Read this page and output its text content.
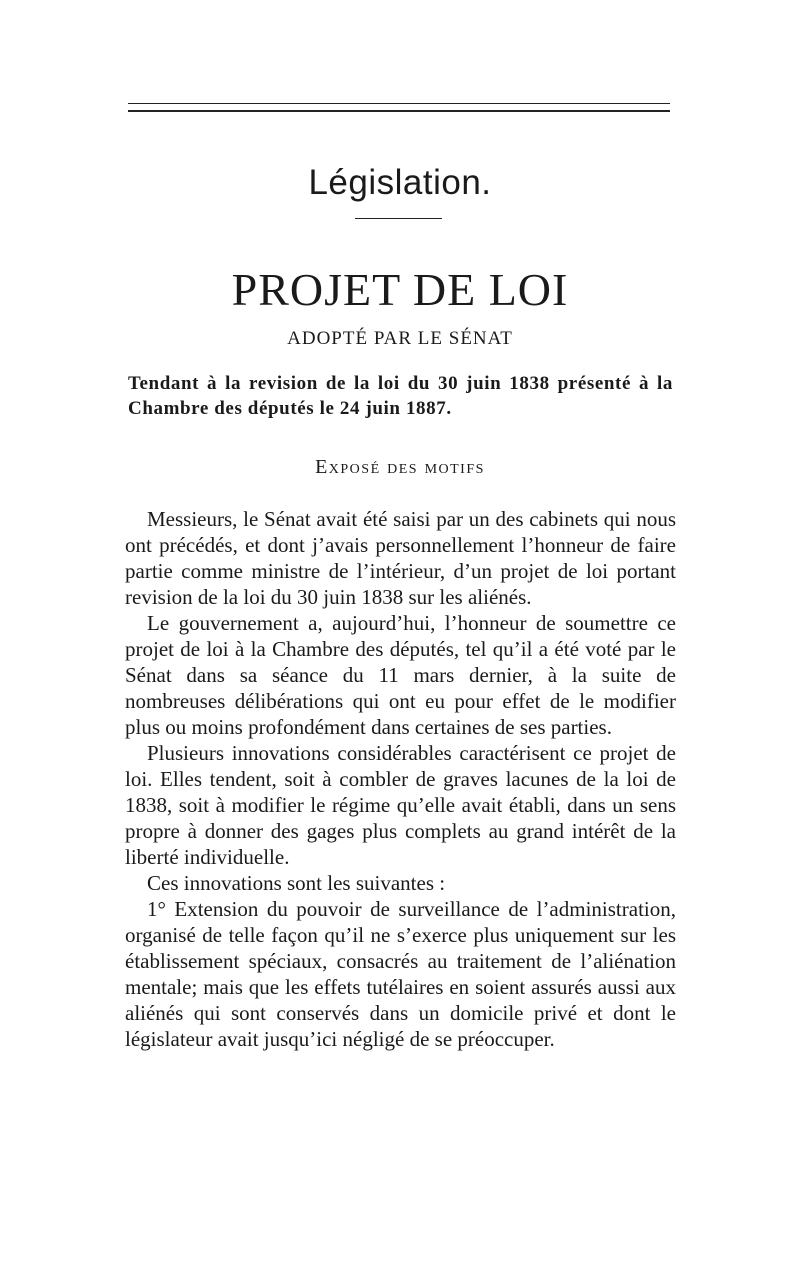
Législation.
PROJET DE LOI
ADOPTÉ PAR LE SÉNAT
Tendant à la revision de la loi du 30 juin 1838 présenté à la Chambre des députés le 24 juin 1887.
Exposé des motifs

Messieurs, le Sénat avait été saisi par un des cabinets qui nous ont précédés, et dont j’avais personnellement l’honneur de faire partie comme ministre de l’intérieur, d’un projet de loi portant revision de la loi du 30 juin 1838 sur les aliénés.

Le gouvernement a, aujourd’hui, l’honneur de soumettre ce projet de loi à la Chambre des députés, tel qu’il a été voté par le Sénat dans sa séance du 11 mars dernier, à la suite de nombreuses délibérations qui ont eu pour effet de le modifier plus ou moins profondément dans certaines de ses parties.

Plusieurs innovations considérables caractérisent ce projet de loi. Elles tendent, soit à combler de graves lacunes de la loi de 1838, soit à modifier le régime qu’elle avait établi, dans un sens propre à donner des gages plus complets au grand intérêt de la liberté individuelle.

Ces innovations sont les suivantes :

1° Extension du pouvoir de surveillance de l’administration, organisé de telle façon qu’il ne s’exerce plus uniquement sur les établissement spéciaux, consacrés au traitement de l’aliénation mentale; mais que les effets tutélaires en soient assurés aussi aux aliénés qui sont conservés dans un domicile privé et dont le législateur avait jusqu’ici négligé de se préoccuper.
